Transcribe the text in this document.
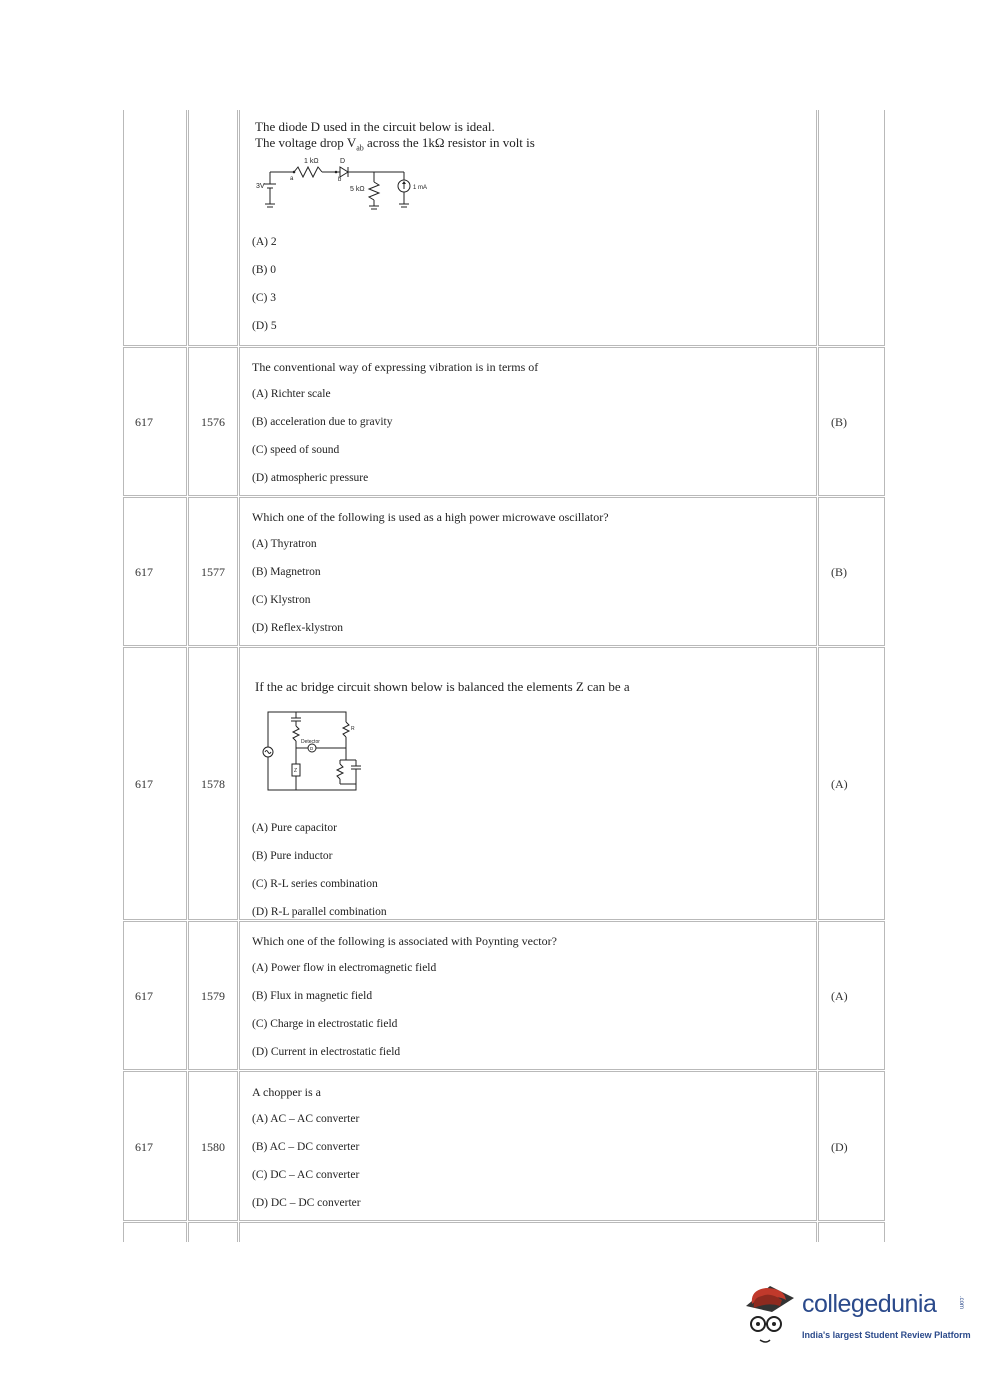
The diode D used in the circuit below is ideal.
The voltage drop $V_{ab}$ across the 1kΩ resistor in volt is
1 kΩ	D
a	b
3V	5 kΩ	1 mA
(A) 2
(B) 0
(C) 3
(D) 5
617	1576
The conventional way of expressing vibration is in terms of
(A) Richter scale
(B) acceleration due to gravity
(C) speed of sound
(D) atmospheric pressure
(B)
617	1577
Which one of the following is used as a high power microwave oscillator?
(A) Thyratron
(B) Magnetron
(C) Klystron
(D) Reflex-klystron
(B)
617	1578
If the ac bridge circuit shown below is balanced the elements Z can be a
Detector
D
R
Z
(A) Pure capacitor
(B) Pure inductor
(C) R-L series combination
(D) R-L parallel combination
(A)
617	1579
Which one of the following is associated with Poynting vector?
(A) Power flow in electromagnetic field
(B) Flux in magnetic field
(C) Charge in electrostatic field
(D) Current in electrostatic field
(A)
617	1580
A chopper is a
(A) AC – AC converter
(B) AC – DC converter
(C) DC – AC converter
(D) DC – DC converter
(D)
collegedunia	.com
India's largest Student Review Platform
